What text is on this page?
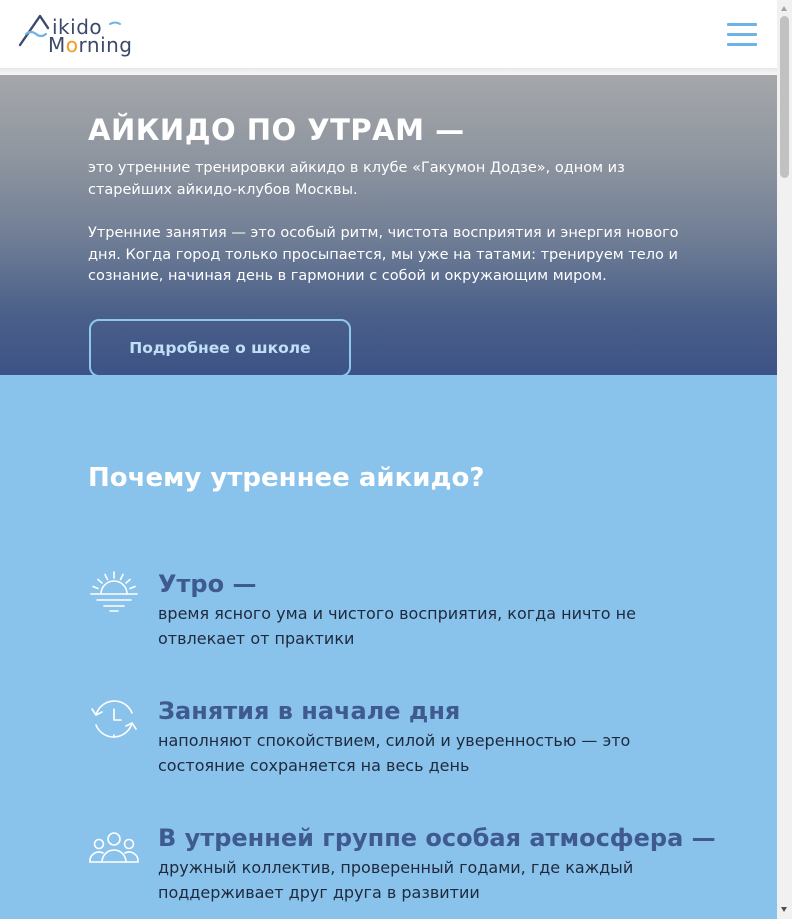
ikido
Morning
АЙКИДО ПО УТРАМ —

это утренние тренировки айкидо в клубе «Гакумон Додзе», одном из старейших айкидо-клубов Москвы.

Утренние занятия — это особый ритм, чистота восприятия и энергия нового дня. Когда город только просыпается, мы уже на татами: тренируем тело и сознание, начиная день в гармонии с собой и окружающим миром.

Подробнее о школе
Почему утреннее айкидо?
Утро —

время ясного ума и чистого восприятия, когда ничто не отвлекает от практики

Занятия в начале дня

наполняют спокойствием, силой и уверенностью — это состояние сохраняется на весь день

В утренней группе особая атмосфера —

дружный коллектив, проверенный годами, где каждый поддерживает друг друга в развитии
